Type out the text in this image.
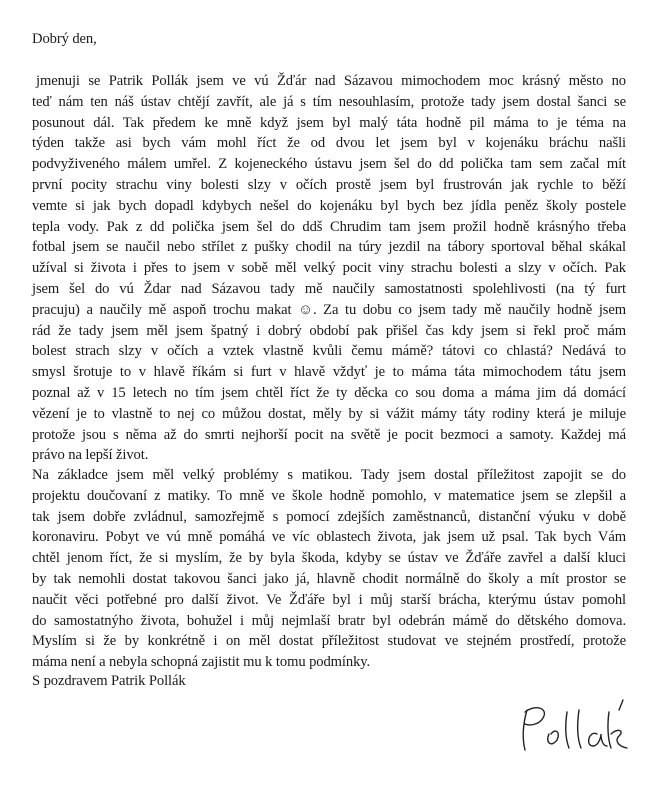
Dobrý den,
jmenuji se Patrik Pollák jsem ve vú Žďár nad Sázavou mimochodem moc krásný město no
teď nám ten náš ústav chtějí zavřít, ale já s tím nesouhlasím, protože tady jsem dostal šanci se
posunout dál. Tak předem ke mně když jsem byl malý táta hodně pil máma to je téma na
týden takže asi bych vám mohl říct že od dvou let jsem byl v kojenáku bráchu našli
podvyživeného málem umřel. Z kojeneckého ústavu jsem šel do dd polička tam sem začal mít
první pocity strachu viny bolesti slzy v očích prostě jsem byl frustrován jak rychle to běží
vemte si jak bych dopadl kdybych nešel do kojenáku byl bych bez jídla peněz školy postele
tepla vody. Pak z dd polička jsem šel do ddš Chrudim tam jsem prožil hodně krásnýho třeba
fotbal jsem se naučil nebo střílet z pušky chodil na túry jezdil na tábory sportoval běhal skákal
užíval si života i přes to jsem v sobě měl velký pocit viny strachu bolesti a slzy v očích. Pak
jsem šel do vú Ždar nad Sázavou tady mě naučily samostatnosti spolehlivosti (na tý furt
pracuju) a naučily mě aspoň trochu makat ☺. Za tu dobu co jsem tady mě naučily hodně jsem
rád že tady jsem měl jsem špatný i dobrý období pak přišel čas kdy jsem si řekl proč mám
bolest strach slzy v očích a vztek vlastně kvůli čemu mámě? tátovi co chlastá? Nedává to
smysl šrotuje to v hlavě říkám si furt v hlavě vždyť je to máma táta mimochodem tátu jsem
poznal až v 15 letech no tím jsem chtěl říct že ty děcka co sou doma a máma jim dá domácí
vězení je to vlastně to nej co můžou dostat, měly by si vážit mámy táty rodiny která je miluje
protože jsou s něma až do smrti nejhorší pocit na světě je pocit bezmoci a samoty. Každej má
právo na lepší život.
Na základce jsem měl velký problémy s matikou. Tady jsem dostal příležitost zapojit se do
projektu doučovaní z matiky. To mně ve škole hodně pomohlo, v matematice jsem se zlepšil a
tak jsem dobře zvládnul, samozřejmě s pomocí zdejších zaměstnanců, distanční výuku v době
koronaviru. Pobyt ve vú mně pomáhá ve víc oblastech života, jak jsem už psal. Tak bych Vám
chtěl jenom říct, že si myslím, že by byla škoda, kdyby se ústav ve Žďáře zavřel a další kluci
by tak nemohli dostat takovou šanci jako já, hlavně chodit normálně do školy a mít prostor se
naučit věci potřebné pro další život. Ve Žďáře byl i můj starší brácha, kterýmu ústav pomohl
do samostatnýho života, bohužel i můj nejmlaší bratr byl odebrán mámě do dětského domova.
Myslím si že by konkrétně i on měl dostat příležitost studovat ve stejném prostředí, protože
máma není a nebyla schopná zajistit mu k tomu podmínky.
S pozdravem Patrik Pollák
